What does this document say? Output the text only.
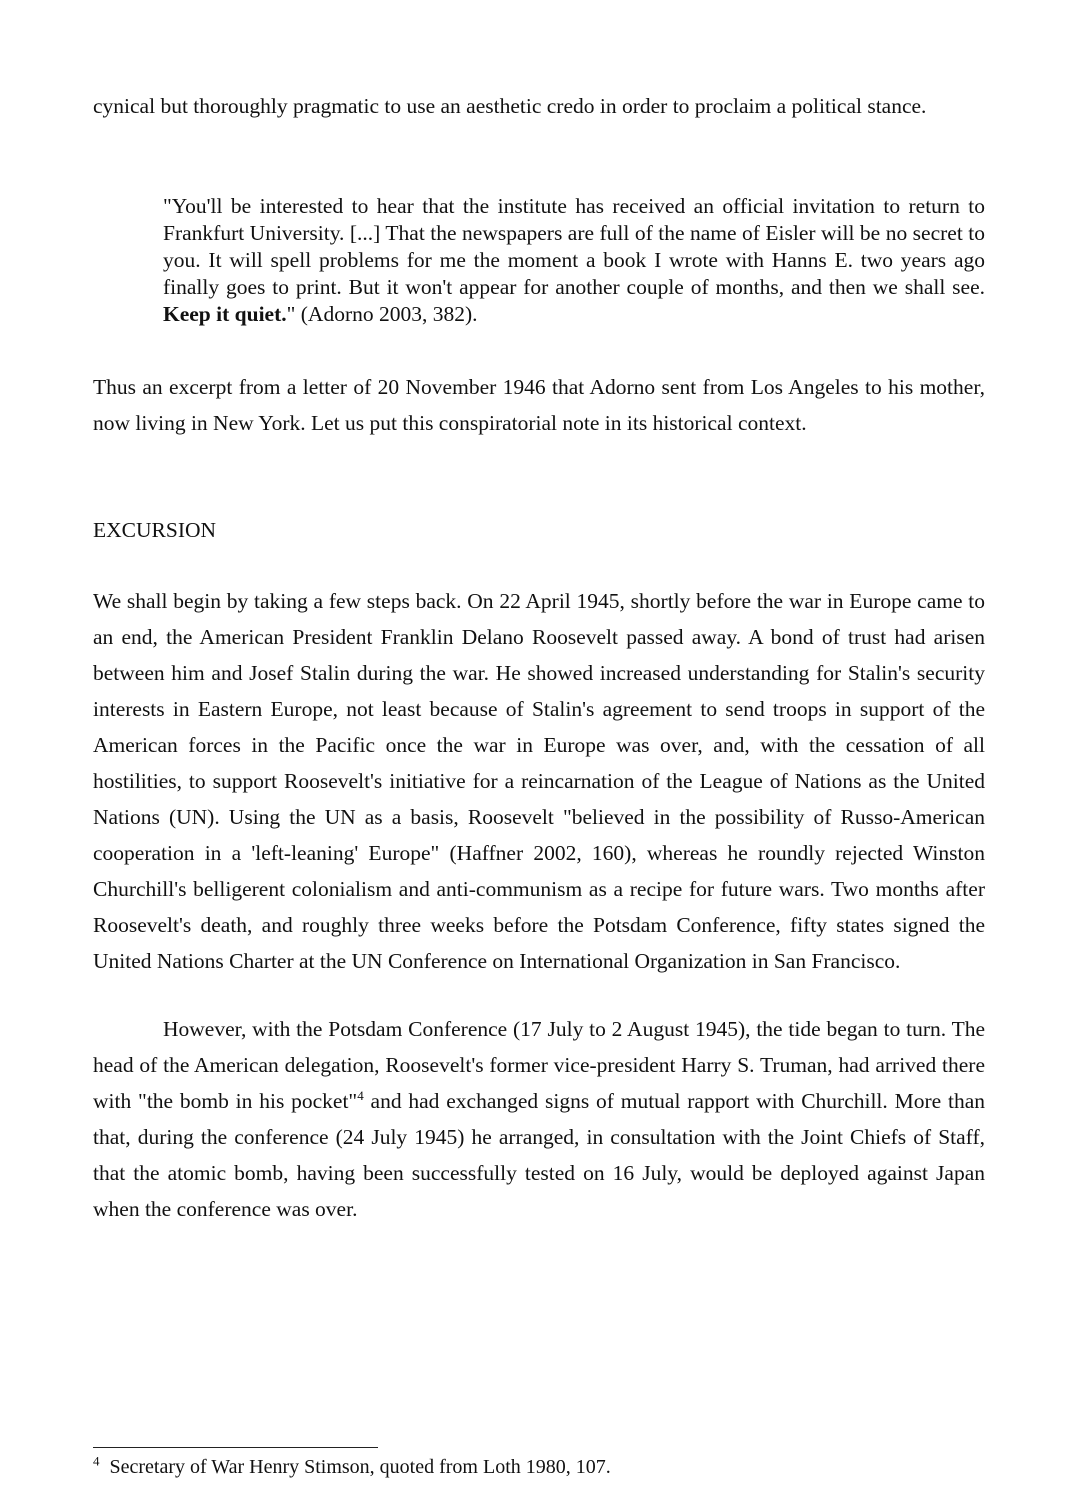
cynical but thoroughly pragmatic to use an aesthetic credo in order to proclaim a political stance.

"You'll be interested to hear that the institute has received an official invitation to return to Frankfurt University. [...] That the newspapers are full of the name of Eisler will be no secret to you. It will spell problems for me the moment a book I wrote with Hanns E. two years ago finally goes to print. But it won't appear for another couple of months, and then we shall see. Keep it quiet." (Adorno 2003, 382).

Thus an excerpt from a letter of 20 November 1946 that Adorno sent from Los Angeles to his mother, now living in New York. Let us put this conspiratorial note in its historical context.

EXCURSION

We shall begin by taking a few steps back. On 22 April 1945, shortly before the war in Europe came to an end, the American President Franklin Delano Roosevelt passed away. A bond of trust had arisen between him and Josef Stalin during the war. He showed increased understanding for Stalin's security interests in Eastern Europe, not least because of Stalin's agreement to send troops in support of the American forces in the Pacific once the war in Europe was over, and, with the cessation of all hostilities, to support Roosevelt's initiative for a reincarnation of the League of Nations as the United Nations (UN). Using the UN as a basis, Roosevelt "believed in the possibility of Russo-American cooperation in a 'left-leaning' Europe" (Haffner 2002, 160), whereas he roundly rejected Winston Churchill's belligerent colonialism and anti-communism as a recipe for future wars. Two months after Roosevelt's death, and roughly three weeks before the Potsdam Conference, fifty states signed the United Nations Charter at the UN Conference on International Organization in San Francisco.

However, with the Potsdam Conference (17 July to 2 August 1945), the tide began to turn. The head of the American delegation, Roosevelt's former vice-president Harry S. Truman, had arrived there with "the bomb in his pocket"$^4$ and had exchanged signs of mutual rapport with Churchill. More than that, during the conference (24 July 1945) he arranged, in consultation with the Joint Chiefs of Staff, that the atomic bomb, having been successfully tested on 16 July, would be deployed against Japan when the conference was over.

$^4$ Secretary of War Henry Stimson, quoted from Loth 1980, 107.
